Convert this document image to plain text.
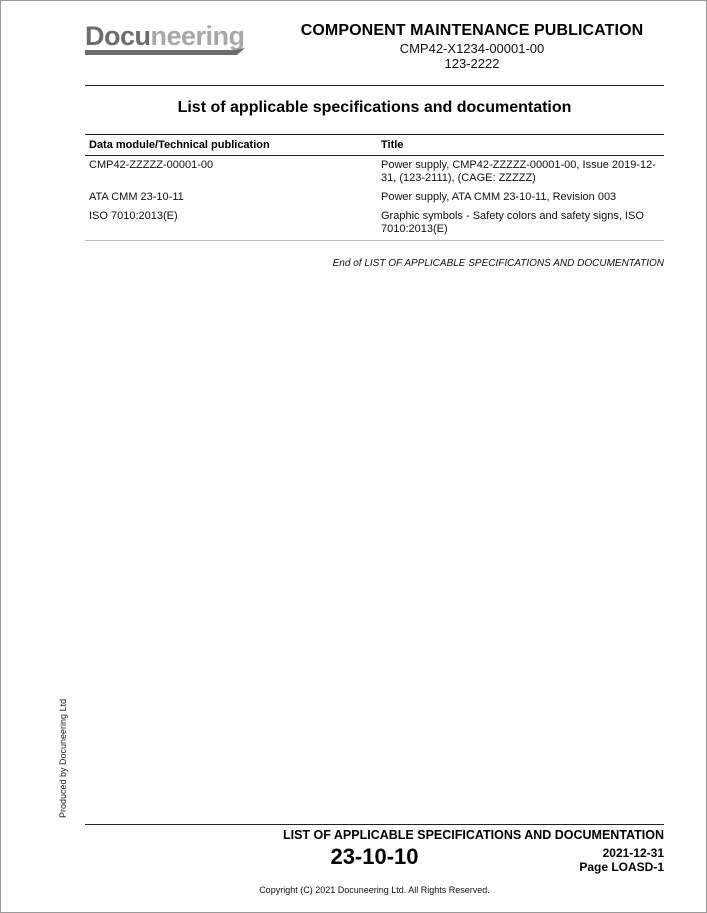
Docuneering	COMPONENT MAINTENANCE PUBLICATION
CMP42-X1234-00001-00
123-2222
List of applicable specifications and documentation
Data module/Technical publication	Title
CMP42-ZZZZZ-00001-00	Power supply, CMP42-ZZZZZ-00001-00, Issue 2019-12-31, (123-2111), (CAGE: ZZZZZ)
ATA CMM 23-10-11	Power supply, ATA CMM 23-10-11, Revision 003
ISO 7010:2013(E)	Graphic symbols - Safety colors and safety signs, ISO 7010:2013(E)
End of LIST OF APPLICABLE SPECIFICATIONS AND DOCUMENTATION
Produced by Docuneering Ltd
LIST OF APPLICABLE SPECIFICATIONS AND DOCUMENTATION
23-10-10	2021-12-31
Page LOASD-1
Copyright (C) 2021 Docuneering Ltd. All Rights Reserved.
